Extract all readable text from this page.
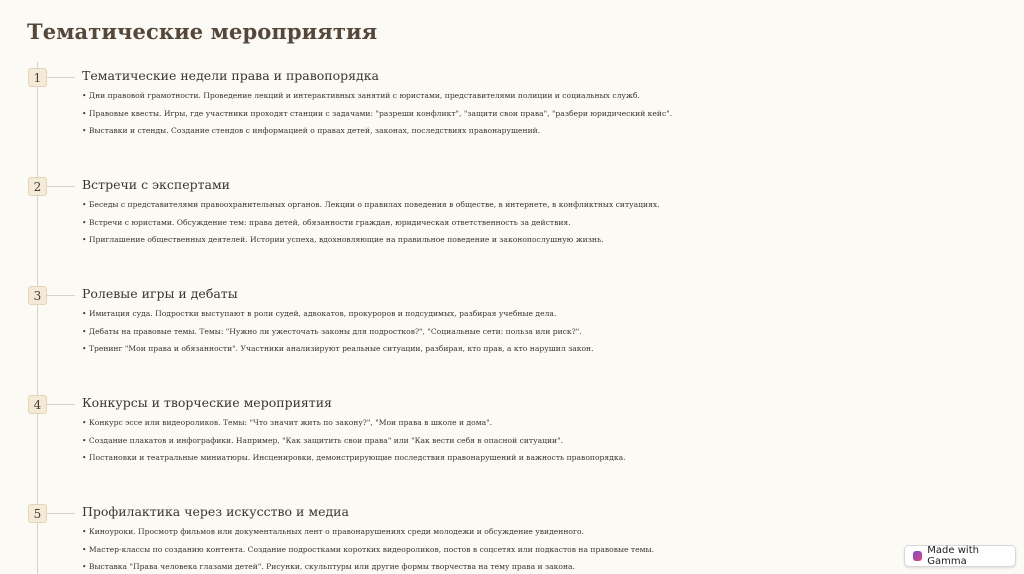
Тематические мероприятия
1	Тематические недели права и правопорядка
• Дни правовой грамотности. Проведение лекций и интерактивных занятий с юристами, представителями полиции и социальных служб.
• Правовые квесты. Игры, где участники проходят станции с задачами: "разреши конфликт", "защити свои права", "разбери юридический кейс".
• Выставки и стенды. Создание стендов с информацией о правах детей, законах, последствиях правонарушений.
2	Встречи с экспертами
• Беседы с представителями правоохранительных органов. Лекции о правилах поведения в обществе, в интернете, в конфликтных ситуациях.
• Встречи с юристами. Обсуждение тем: права детей, обязанности граждан, юридическая ответственность за действия.
• Приглашение общественных деятелей. Истории успеха, вдохновляющие на правильное поведение и законопослушную жизнь.
3	Ролевые игры и дебаты
• Имитация суда. Подростки выступают в роли судей, адвокатов, прокуроров и подсудимых, разбирая учебные дела.
• Дебаты на правовые темы. Темы: "Нужно ли ужесточать законы для подростков?", "Социальные сети: польза или риск?".
• Тренинг "Мои права и обязанности". Участники анализируют реальные ситуации, разбирая, кто прав, а кто нарушил закон.
4	Конкурсы и творческие мероприятия
• Конкурс эссе или видеороликов. Темы: "Что значит жить по закону?", "Мои права в школе и дома".
• Создание плакатов и инфографики. Например, "Как защитить свои права" или "Как вести себя в опасной ситуации".
• Постановки и театральные миниатюры. Инсценировки, демонстрирующие последствия правонарушений и важность правопорядка.
5	Профилактика через искусство и медиа
• Киноуроки. Просмотр фильмов или документальных лент о правонарушениях среди молодежи и обсуждение увиденного.
• Мастер-классы по созданию контента. Создание подростками коротких видеороликов, постов в соцсетях или подкастов на правовые темы.
• Выставка "Права человека глазами детей". Рисунки, скульптуры или другие формы творчества на тему права и закона.
Made with Gamma
